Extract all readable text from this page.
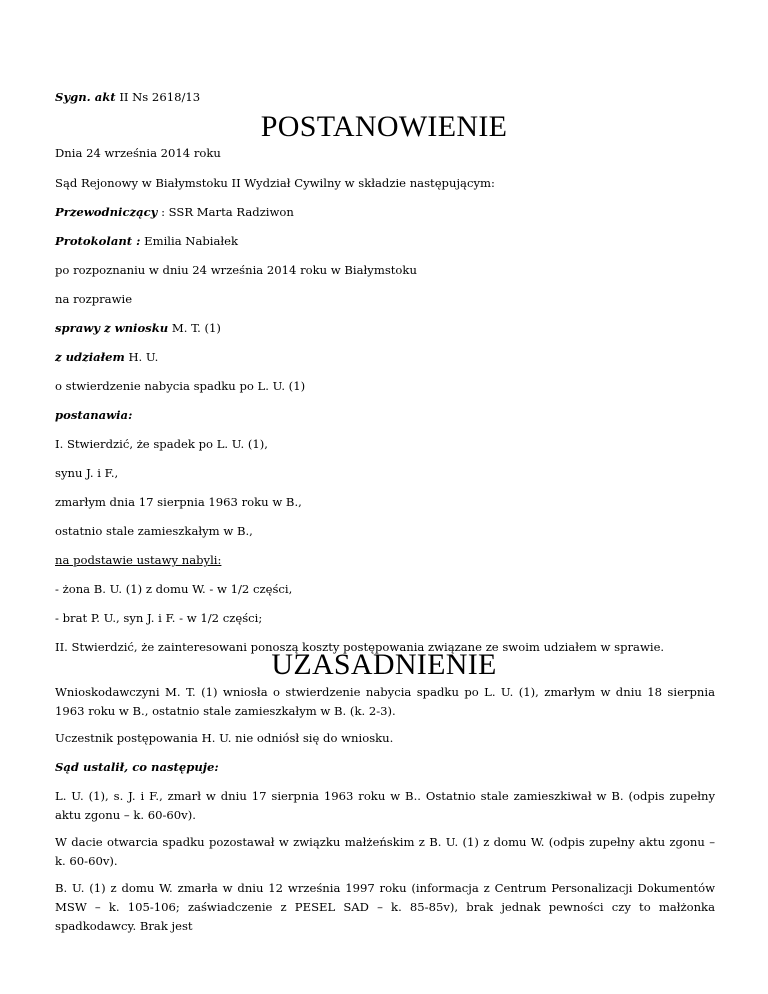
Sygn. akt II Ns 2618/13
POSTANOWIENIE
Dnia 24 września 2014 roku
Sąd Rejonowy w Białymstoku II Wydział Cywilny w składzie następującym:
Przewodniczący : SSR Marta Radziwon
Protokolant : Emilia Nabiałek
po rozpoznaniu w dniu 24 września 2014 roku w Białymstoku
na rozprawie
sprawy z wniosku M. T. (1)
z udziałem H. U.
o stwierdzenie nabycia spadku po L. U. (1)
postanawia:
I. Stwierdzić, że spadek po L. U. (1),
synu J. i F.,
zmarłym dnia 17 sierpnia 1963 roku w B.,
ostatnio stale zamieszkałym w B.,
na podstawie ustawy nabyli:
- żona B. U. (1) z domu W. - w 1/2 części,
- brat P. U., syn J. i F. - w 1/2 części;
II. Stwierdzić, że zainteresowani ponoszą koszty postępowania związane ze swoim udziałem w sprawie.
UZASADNIENIE
Wnioskodawczyni M. T. (1) wniosła o stwierdzenie nabycia spadku po L. U. (1), zmarłym w dniu 18 sierpnia 1963 roku w B., ostatnio stale zamieszkałym w B. (k. 2-3).
Uczestnik postępowania H. U. nie odniósł się do wniosku.
Sąd ustalił, co następuje:
L. U. (1), s. J. i F., zmarł w dniu 17 sierpnia 1963 roku w B.. Ostatnio stale zamieszkiwał w B. (odpis zupełny aktu zgonu – k. 60-60v).
W dacie otwarcia spadku pozostawał w związku małżeńskim z B. U. (1) z domu W. (odpis zupełny aktu zgonu – k. 60-60v).
B. U. (1) z domu W. zmarła w dniu 12 września 1997 roku (informacja z Centrum Personalizacji Dokumentów MSW – k. 105-106; zaświadczenie z PESEL SAD – k. 85-85v), brak jednak pewności czy to małżonka spadkodawcy. Brak jest
